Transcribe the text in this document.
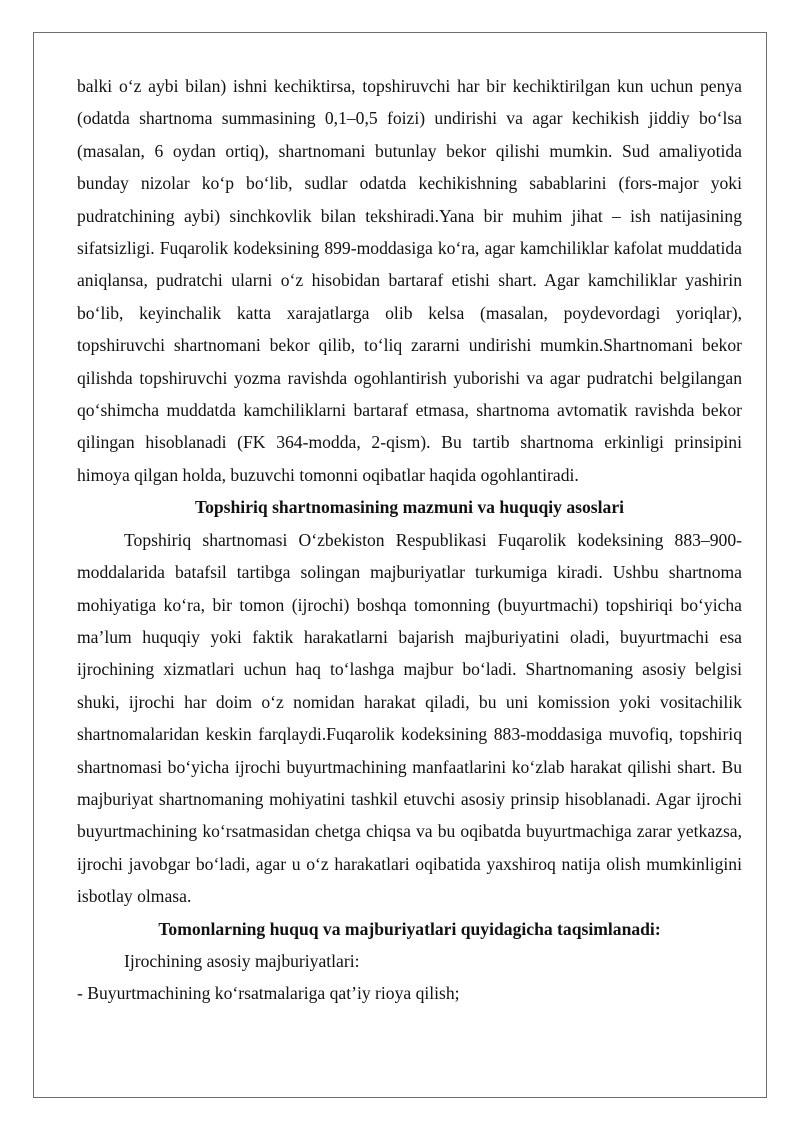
balki o‘z aybi bilan) ishni kechiktirsa, topshiruvchi har bir kechiktirilgan kun uchun penya (odatda shartnoma summasining 0,1–0,5 foizi) undirishi va agar kechikish jiddiy bo‘lsa (masalan, 6 oydan ortiq), shartnomani butunlay bekor qilishi mumkin. Sud amaliyotida bunday nizolar ko‘p bo‘lib, sudlar odatda kechikishning sabablarini (fors-major yoki pudratchining aybi) sinchkovlik bilan tekshiradi.Yana bir muhim jihat – ish natijasining sifatsizligi. Fuqarolik kodeksining 899-moddasiga ko‘ra, agar kamchiliklar kafolat muddatida aniqlansa, pudratchi ularni o‘z hisobidan bartaraf etishi shart. Agar kamchiliklar yashirin bo‘lib, keyinchalik katta xarajatlarga olib kelsa (masalan, poydevordagi yoriqlar), topshiruvchi shartnomani bekor qilib, to‘liq zararni undirishi mumkin.Shartnomani bekor qilishda topshiruvchi yozma ravishda ogohlantirish yuborishi va agar pudratchi belgilangan qo‘shimcha muddatda kamchiliklarni bartaraf etmasa, shartnoma avtomatik ravishda bekor qilingan hisoblanadi (FK 364-modda, 2-qism). Bu tartib shartnoma erkinligi prinsipini himoya qilgan holda, buzuvchi tomonni oqibatlar haqida ogohlantiradi.

Topshiriq shartnomasining mazmuni va huquqiy asoslari

Topshiriq shartnomasi O‘zbekiston Respublikasi Fuqarolik kodeksining 883–900-moddalarida batafsil tartibga solingan majburiyatlar turkumiga kiradi. Ushbu shartnoma mohiyatiga ko‘ra, bir tomon (ijrochi) boshqa tomonning (buyurtmachi) topshiriqi bo‘yicha ma’lum huquqiy yoki faktik harakatlarni bajarish majburiyatini oladi, buyurtmachi esa ijrochining xizmatlari uchun haq to‘lashga majbur bo‘ladi. Shartnomaning asosiy belgisi shuki, ijrochi har doim o‘z nomidan harakat qiladi, bu uni komission yoki vositachilik shartnomalaridan keskin farqlaydi.Fuqarolik kodeksining 883-moddasiga muvofiq, topshiriq shartnomasi bo‘yicha ijrochi buyurtmachining manfaatlarini ko‘zlab harakat qilishi shart. Bu majburiyat shartnomaning mohiyatini tashkil etuvchi asosiy prinsip hisoblanadi. Agar ijrochi buyurtmachining ko‘rsatmasidan chetga chiqsa va bu oqibatda buyurtmachiga zarar yetkazsa, ijrochi javobgar bo‘ladi, agar u o‘z harakatlari oqibatida yaxshiroq natija olish mumkinligini isbotlay olmasa.

Tomonlarning huquq va majburiyatlari quyidagicha taqsimlanadi:

Ijrochining asosiy majburiyatlari:

- Buyurtmachining ko‘rsatmalariga qat’iy rioya qilish;
